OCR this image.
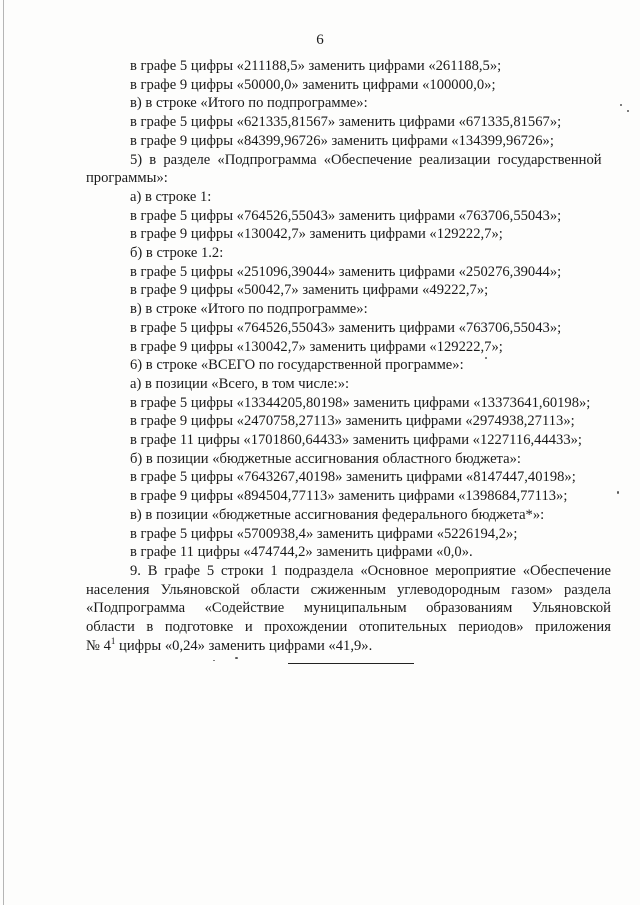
6
в графе 5 цифры «211188,5» заменить цифрами «261188,5»;
в графе 9 цифры «50000,0» заменить цифрами «100000,0»;
в) в строке «Итого по подпрограмме»:
в графе 5 цифры «621335,81567» заменить цифрами «671335,81567»;
в графе 9 цифры «84399,96726» заменить цифрами «134399,96726»;
5) в разделе «Подпрограмма «Обеспечение реализации государственной
программы»:
а) в строке 1:
в графе 5 цифры «764526,55043» заменить цифрами «763706,55043»;
в графе 9 цифры «130042,7» заменить цифрами «129222,7»;
б) в строке 1.2:
в графе 5 цифры «251096,39044» заменить цифрами «250276,39044»;
в графе 9 цифры «50042,7» заменить цифрами «49222,7»;
в) в строке «Итого по подпрограмме»:
в графе 5 цифры «764526,55043» заменить цифрами «763706,55043»;
в графе 9 цифры «130042,7» заменить цифрами «129222,7»;
6) в строке «ВСЕГО по государственной программе»:
а) в позиции «Всего, в том числе:»:
в графе 5 цифры «13344205,80198» заменить цифрами «13373641,60198»;
в графе 9 цифры «2470758,27113» заменить цифрами «2974938,27113»;
в графе 11 цифры «1701860,64433» заменить цифрами «1227116,44433»;
б) в позиции «бюджетные ассигнования областного бюджета»:
в графе 5 цифры «7643267,40198» заменить цифрами «8147447,40198»;
в графе 9 цифры «894504,77113» заменить цифрами «1398684,77113»;
в) в позиции «бюджетные ассигнования федерального бюджета*»:
в графе 5 цифры «5700938,4» заменить цифрами «5226194,2»;
в графе 11 цифры «474744,2» заменить цифрами «0,0».
9. В графе 5 строки 1 подраздела «Основное мероприятие «Обеспечение
населения Ульяновской области сжиженным углеводородным газом» раздела
«Подпрограмма «Содействие муниципальным образованиям Ульяновской
области в подготовке и прохождении отопительных периодов» приложения
№ 4$^1$ цифры «0,24» заменить цифрами «41,9».
